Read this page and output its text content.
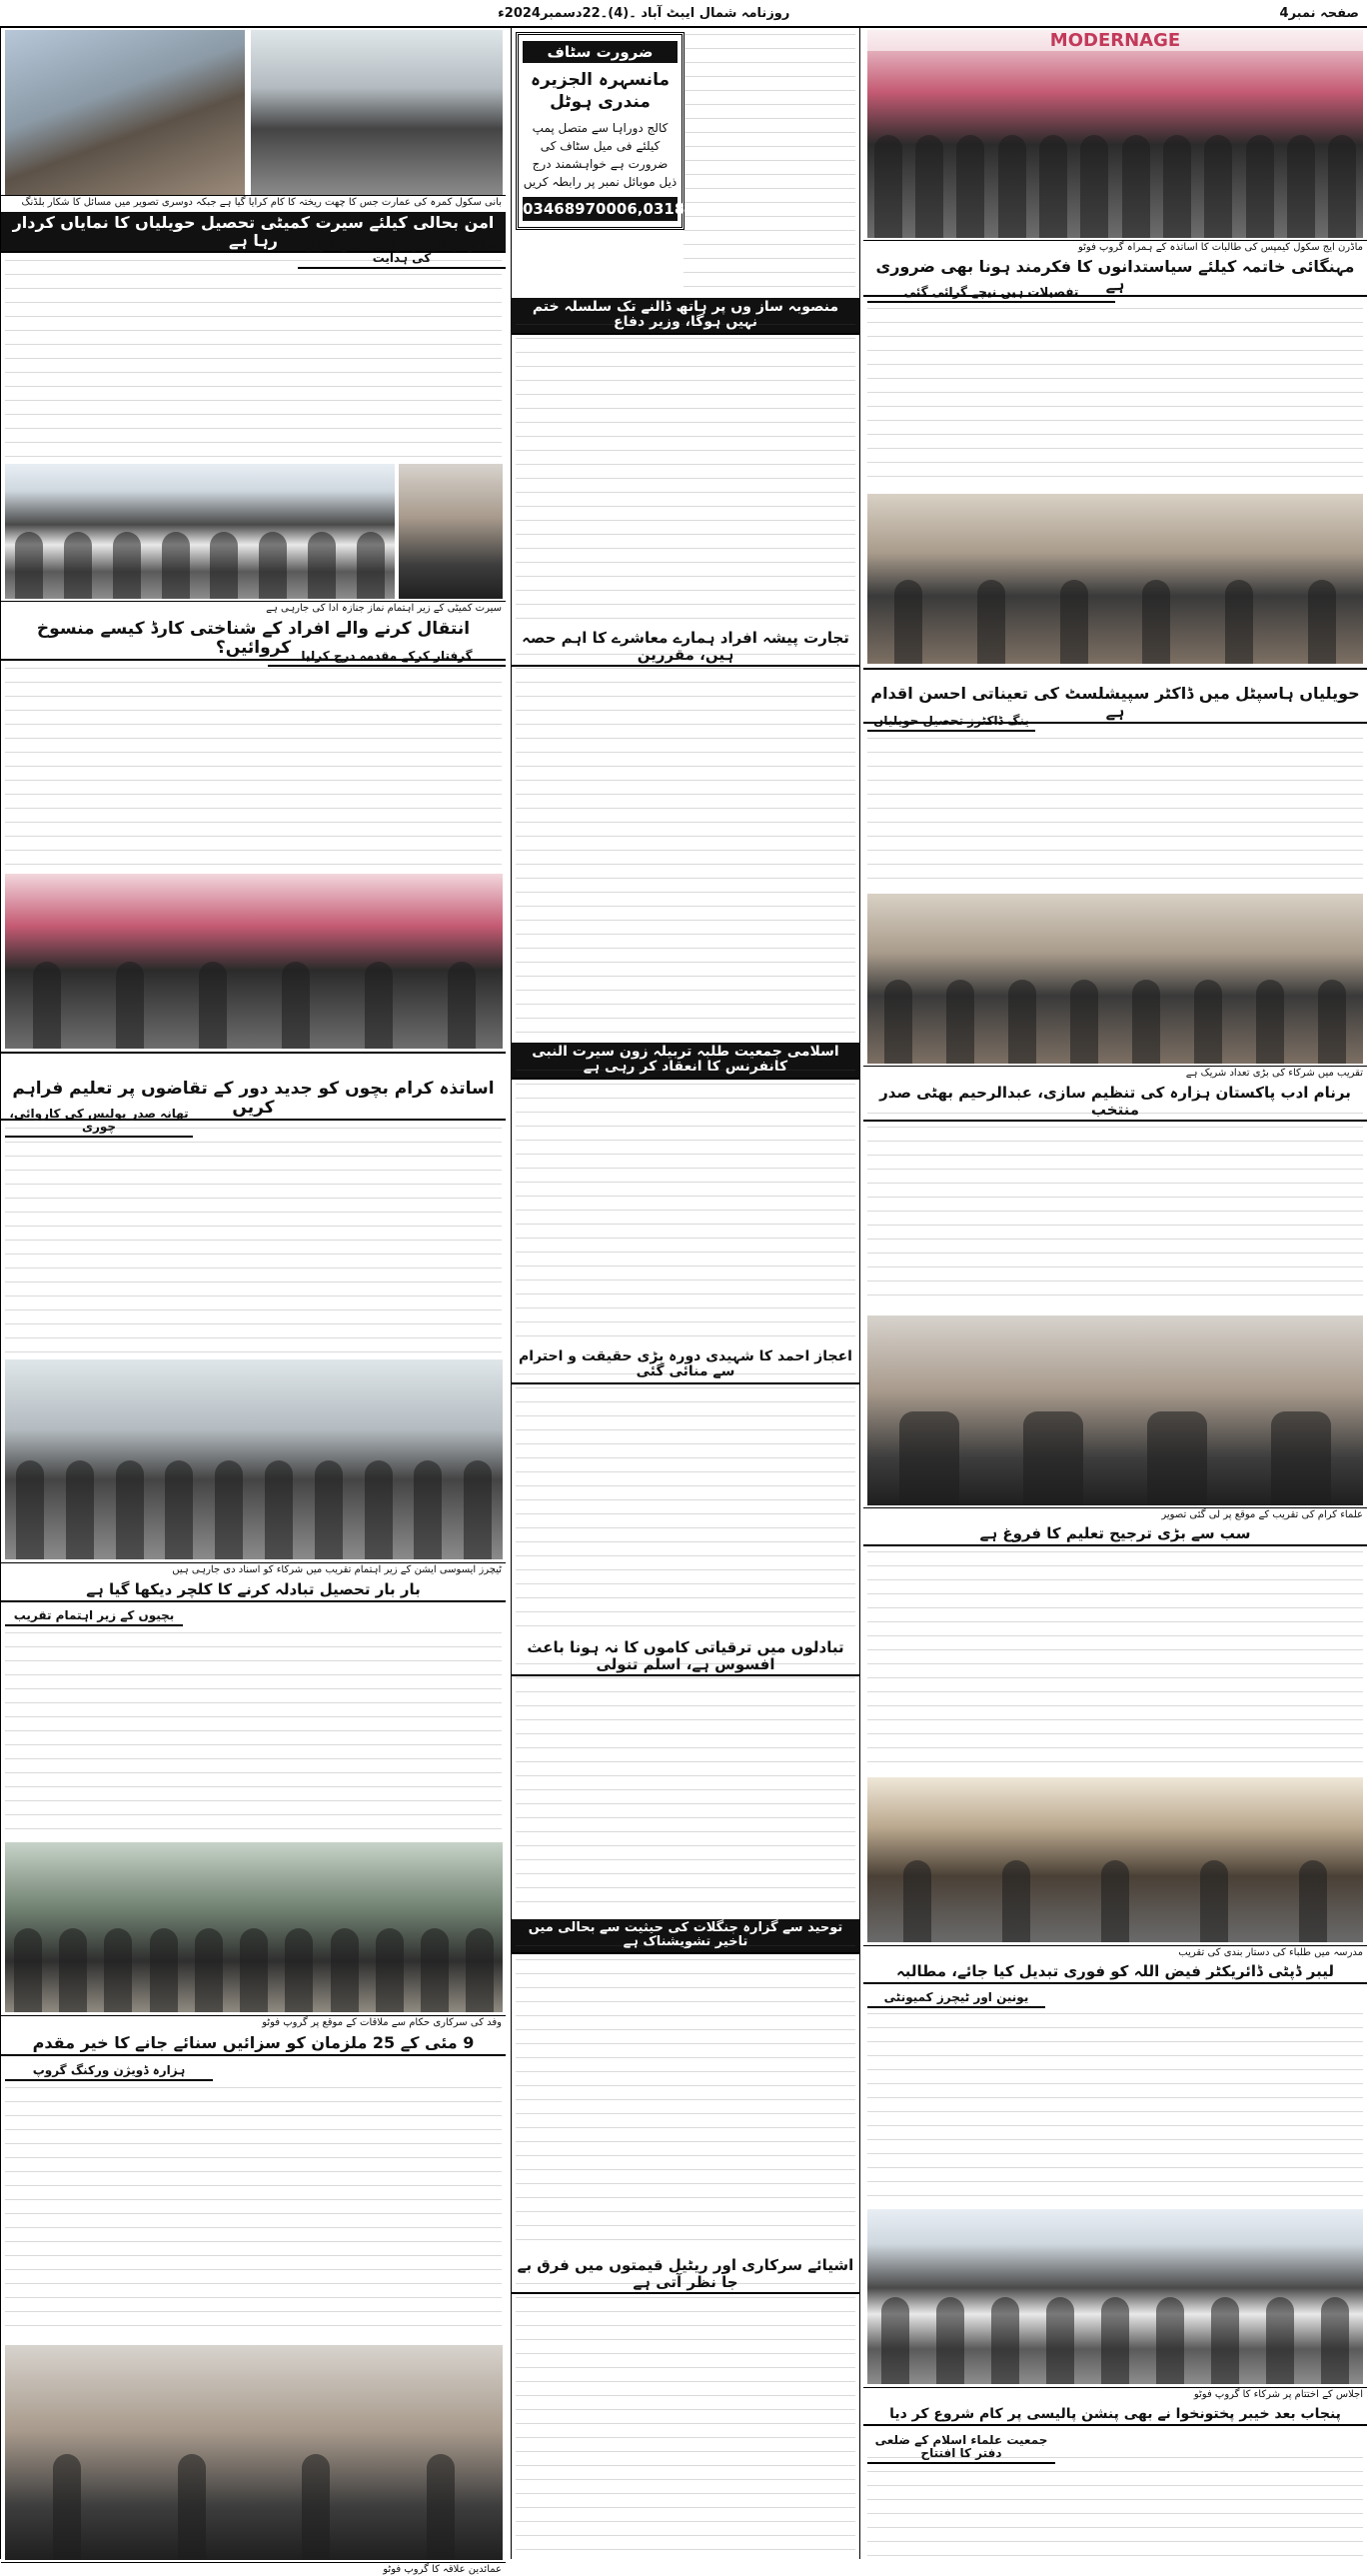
صفحہ نمبر4
روزنامہ شمال ایبٹ آباد ۔(4)۔22دسمبر2024ء
بانی سکول کمرہ کی عمارت جس کا چھت ریختہ کا کام کرایا گیا ہے جبکہ دوسری تصویر میں مسائل کا شکار بلڈنگ
امن بحالی کیلئے سیرت کمیٹی تحصیل حویلیاں کا نمایاں کردار رہا ہے	فنڈ ز کے لئے درخواست جمع کرانے کی ہدایت
سیرت کمیٹی کے زیر اہتمام نماز جنازہ ادا کی جارہی ہے
انتقال کرنے والے افراد کے شناختی کارڈ کیسے منسوخ کروائیں؟ گرفتار کرکے مقدمہ درج کرلیا
اساتذہ کرام بچوں کو جدید دور کے تقاضوں پر تعلیم فراہم کریں
تھانہ صدر پولیس کی کاروائی، چوری
ٹیچرز ایسوسی ایشن کے زیر اہتمام تقریب میں شرکاء کو اسناد دی جارہی ہیں
بار بار تحصیل تبادلہ کرنے کا کلچر دیکھا گیا ہے
بچیوں کے زیر اہتمام تقریب
وفد کی سرکاری حکام سے ملاقات کے موقع پر گروپ فوٹو
9 مئی کے 25 ملزمان کو سزائیں سنائے جانے کا خیر مقدم
ہزارہ ڈویژن ورکنگ گروپ
عمائدین علاقہ کا گروپ فوٹو
ضرورت سٹاف
مانسہرہ الجزیرہ مندری ہوٹل
کالج دوراہا سے متصل پمپ کیلئے فی میل سٹاف کی ضرورت ہے خواہشمند درج ذیل موبائل نمبر پر رابطہ کریں
03468970006,03180550364
منصوبہ ساز وں پر ہاتھ ڈالنے تک سلسلہ ختم نہیں ہوگا، وزیر دفاع
تجارت پیشہ افراد ہمارے معاشرے کا اہم حصہ ہیں، مقررین
اسلامی جمعیت طلبہ تربیلہ زون سیرت النبی کانفرنس کا انعقاد کر رہی ہے
اعجاز احمد کا شہیدی دورہ بڑی حقیقت و احترام سے منائی گئی
تبادلوں میں ترقیاتی کاموں کا نہ ہونا باعث افسوس ہے، اسلم تنولی
توحید سے گزارہ جنگلات کی حیثیت سے بحالی میں تاخیر تشویشناک ہے
اشیائے سرکاری اور ریٹیل قیمتوں میں فرق بے جا نظر آتی ہے
MODERNAGE
ماڈرن ایج سکول کیمپس کی طالبات کا اساتذہ کے ہمراہ گروپ فوٹو
مہنگائی خاتمہ کیلئے سیاستدانوں کا فکرمند ہونا بھی ضروری ہے
تفصیلات ہیں نیچے گرائی گئی
حویلیاں ہاسپٹل میں ڈاکٹر سپیشلسٹ کی تعیناتی احسن اقدام ہے
ینگ ڈاکٹرز تحصیل حویلیاں
تقریب میں شرکاء کی بڑی تعداد شریک ہے
برنام ادب پاکستان ہزارہ کی تنظیم سازی، عبدالرحیم بھٹی صدر منتخب
علماء کرام کی تقریب کے موقع پر لی گئی تصویر
سب سے بڑی ترجیح تعلیم کا فروغ ہے
مدرسہ میں طلباء کی دستار بندی کی تقریب
لیبر ڈپٹی ڈائریکٹر فیض اللہ کو فوری تبدیل کیا جائے، مطالبہ
یونین اور ٹیچرز کمیونٹی
اجلاس کے اختتام پر شرکاء کا گروپ فوٹو
پنجاب بعد خیبر پختونخوا نے بھی پنشن پالیسی پر کام شروع کر دیا
جمعیت علماء اسلام کے ضلعی دفتر کا افتتاح
